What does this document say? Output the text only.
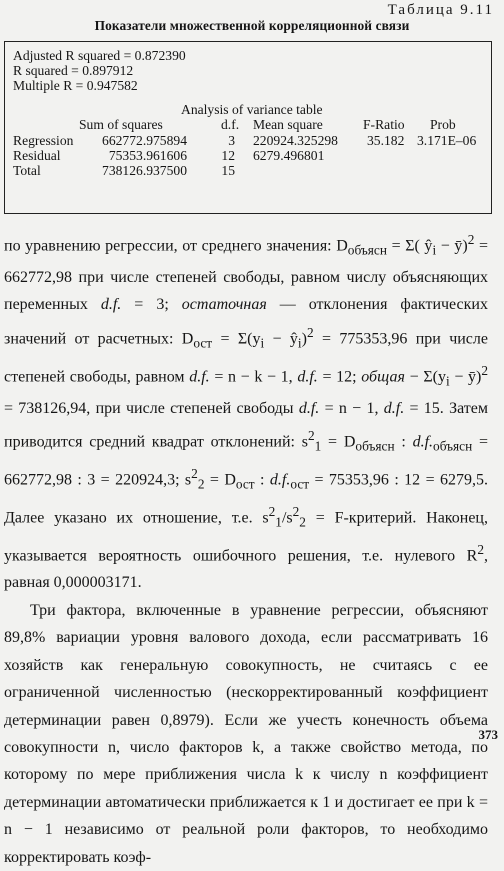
Таблица 9.11
Показатели множественной корреляционной связи
Adjusted R squared = 0.872390
R squared = 0.897912
Multiple R = 0.947582
Analysis of variance table
Sum of squares	d.f. Mean square	F-Ratio Prob
Regression 662772.975894	3 220924.325298 35.182 3.171E–06
Residual	75353.961606	12 6279.496801
Total	738126.937500	15

по уравнению регрессии, от среднего значения: $D_{объясн} = \Sigma$( $ŷ_i$ − ȳ)$^2$ = 662772,98 при числе степеней свободы, равном числу объясняющих переменных d.f. = 3; остаточная — отклонения фактических значений от расчетных: $D_{ост} = \Sigma(y_i$ − $ŷ_i)^2 = 775353,96$ при числе степеней свободы, равном d.f. = n − k − 1, d.f. = 12; общая − $\Sigma(y_i$ − ȳ)$^2$ = 738126,94, при числе степеней свободы d.f. = n − 1, d.f. = 15. Затем приводится средний квадрат отклонений: $s^2_1 = D_{объясн}$ : $d.f._{объясн} = 662772,98$ : 3 = 220924,3; $s^2_2 = D_{ост}$ : $d.f._{ост} = 75353,96$ : 12 = 6279,5. Далее указано их отношение, т.е. $s^2_1/s^2_2$ = F-критерий. Наконец, указывается вероятность ошибочного решения, т.е. нулевого $R^2$, равная 0,000003171.

Три фактора, включенные в уравнение регрессии, объясняют 89,8% вариации уровня валового дохода, если рассматривать 16 хозяйств как генеральную совокупность, не считаясь с ее ограниченной численностью (нескорректированный коэффициент детерминации равен 0,8979). Если же учесть конечность объема совокупности n, число факторов k, а также свойство метода, по которому по мере приближения числа k к числу n коэффициент детерминации автоматически приближается к 1 и достигает ее при k = n − 1 независимо от реальной роли факторов, то необходимо корректировать коэф-

373
